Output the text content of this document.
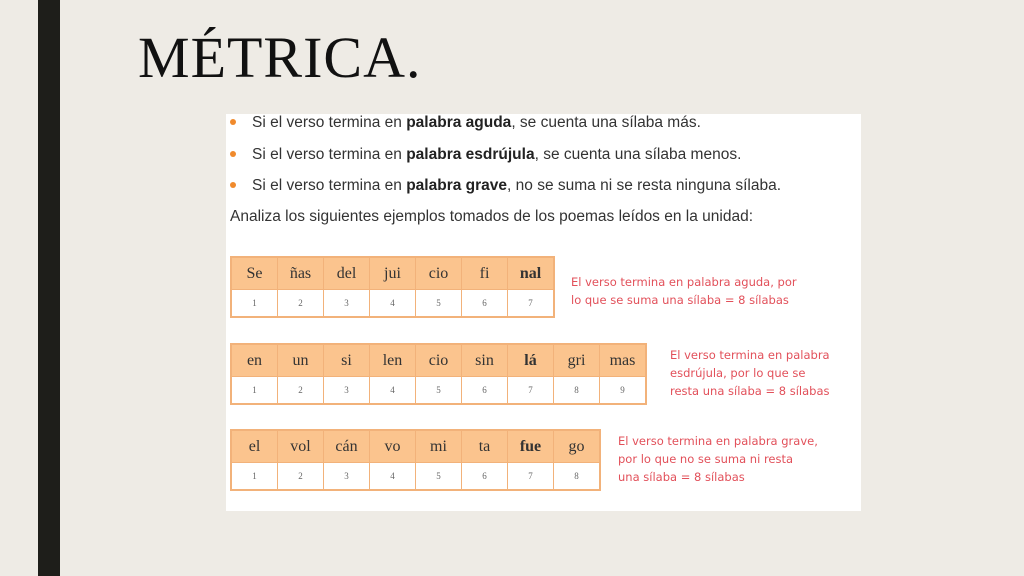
MÉTRICA.
Si el verso termina en palabra aguda, se cuenta una sílaba más.
Si el verso termina en palabra esdrújula, se cuenta una sílaba menos.
Si el verso termina en palabra grave, no se suma ni se resta ninguna sílaba.
Analiza los siguientes ejemplos tomados de los poemas leídos en la unidad:
Se	ñas	del	jui	cio	fi	nal
1	2	3	4	5	6	7
El verso termina en palabra aguda, por
lo que se suma una sílaba = 8 sílabas
en	un	si	len	cio	sin	lá	gri	mas
1	2	3	4	5	6	7	8	9
El verso termina en palabra
esdrújula, por lo que se
resta una sílaba = 8 sílabas
el	vol	cán	vo	mi	ta	fue	go
1	2	3	4	5	6	7	8
El verso termina en palabra grave,
por lo que no se suma ni resta
una sílaba = 8 sílabas
